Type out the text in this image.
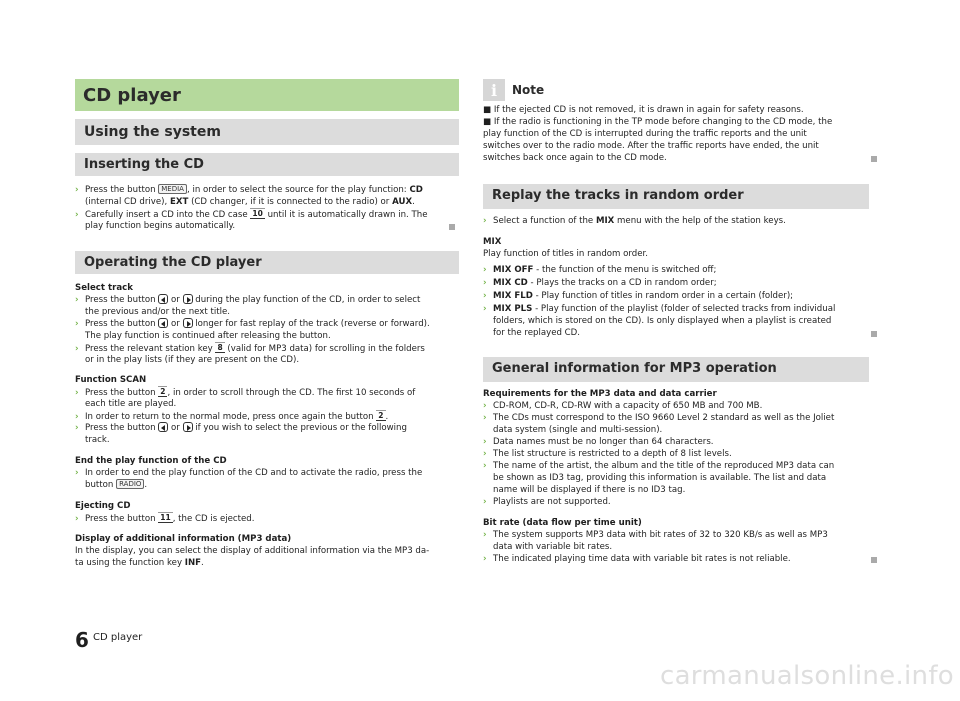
CD player
Using the system
Inserting the CD
› Press the button MEDIA , in order to select the source for the play function: CD
(internal CD drive), EXT (CD changer, if it is connected to the radio) or AUX.
› Carefully insert a CD into the CD case 10 until it is automatically drawn in. The
play function begins automatically.
Operating the CD player
Select track
› Press the button  or  during the play function of the CD, in order to select
the previous and/or the next title.
› Press the button  or  longer for fast replay of the track (reverse or forward).
The play function is continued after releasing the button.
› Press the relevant station key 8 (valid for MP3 data) for scrolling in the folders
or in the play lists (if they are present on the CD).
Function SCAN
› Press the button 2 , in order to scroll through the CD. The first 10 seconds of
each title are played.
› In order to return to the normal mode, press once again the button 2 .
› Press the button  or  if you wish to select the previous or the following
track.
End the play function of the CD
› In order to end the play function of the CD and to activate the radio, press the
button RADIO .
Ejecting CD
› Press the button 11 , the CD is ejected.
Display of additional information (MP3 data)
In the display, you can select the display of additional information via the MP3 da-
ta using the function key INF.
i Note
■ If the ejected CD is not removed, it is drawn in again for safety reasons.
■ If the radio is functioning in the TP mode before changing to the CD mode, the
play function of the CD is interrupted during the traffic reports and the unit
switches over to the radio mode. After the traffic reports have ended, the unit
switches back once again to the CD mode.
Replay the tracks in random order
› Select a function of the MIX menu with the help of the station keys.
MIX
Play function of titles in random order.
› MIX OFF - the function of the menu is switched off;
› MIX CD - Plays the tracks on a CD in random order;
› MIX FLD - Play function of titles in random order in a certain (folder);
› MIX PLS - Play function of the playlist (folder of selected tracks from individual
folders, which is stored on the CD). Is only displayed when a playlist is created
for the replayed CD.
General information for MP3 operation
Requirements for the MP3 data and data carrier
› CD-ROM, CD-R, CD-RW with a capacity of 650 MB and 700 MB.
› The CDs must correspond to the ISO 9660 Level 2 standard as well as the Joliet
data system (single and multi-session).
› Data names must be no longer than 64 characters.
› The list structure is restricted to a depth of 8 list levels.
› The name of the artist, the album and the title of the reproduced MP3 data can
be shown as ID3 tag, providing this information is available. The list and data
name will be displayed if there is no ID3 tag.
› Playlists are not supported.
Bit rate (data flow per time unit)
› The system supports MP3 data with bit rates of 32 to 320 KB/s as well as MP3
data with variable bit rates.
› The indicated playing time data with variable bit rates is not reliable.
6 CD player
carmanualsonline.info
